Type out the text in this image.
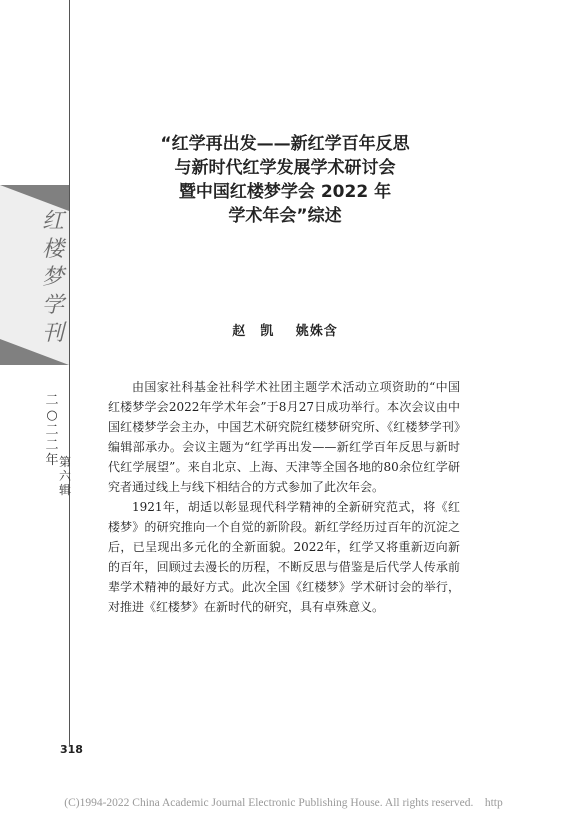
红
楼
梦
学
刊
二
○
二
二
年 第
六
辑
318
“红学再出发——新红学百年反思
与新时代红学发展学术研讨会
暨中国红楼梦学会 2022 年
学术年会”综述
赵　凯 姚姝含

由国家社科基金社科学术社团主题学术活动立项资助的“中国红楼梦学会2022年学术年会”于8月27日成功举行。本次会议由中国红楼梦学会主办，中国艺术研究院红楼梦研究所、《红楼梦学刊》编辑部承办。会议主题为“红学再出发——新红学百年反思与新时代红学展望”。来自北京、上海、天津等全国各地的80余位红学研究者通过线上与线下相结合的方式参加了此次年会。

1921年，胡适以彰显现代科学精神的全新研究范式，将《红楼梦》的研究推向一个自觉的新阶段。新红学经历过百年的沉淀之后，已呈现出多元化的全新面貌。2022年，红学又将重新迈向新的百年，回顾过去漫长的历程，不断反思与借鉴是后代学人传承前辈学术精神的最好方式。此次全国《红楼梦》学术研讨会的举行，对推进《红楼梦》在新时代的研究，具有卓殊意义。

(C)1994-2022 China Academic Journal Electronic Publishing House. All rights reserved.　http
